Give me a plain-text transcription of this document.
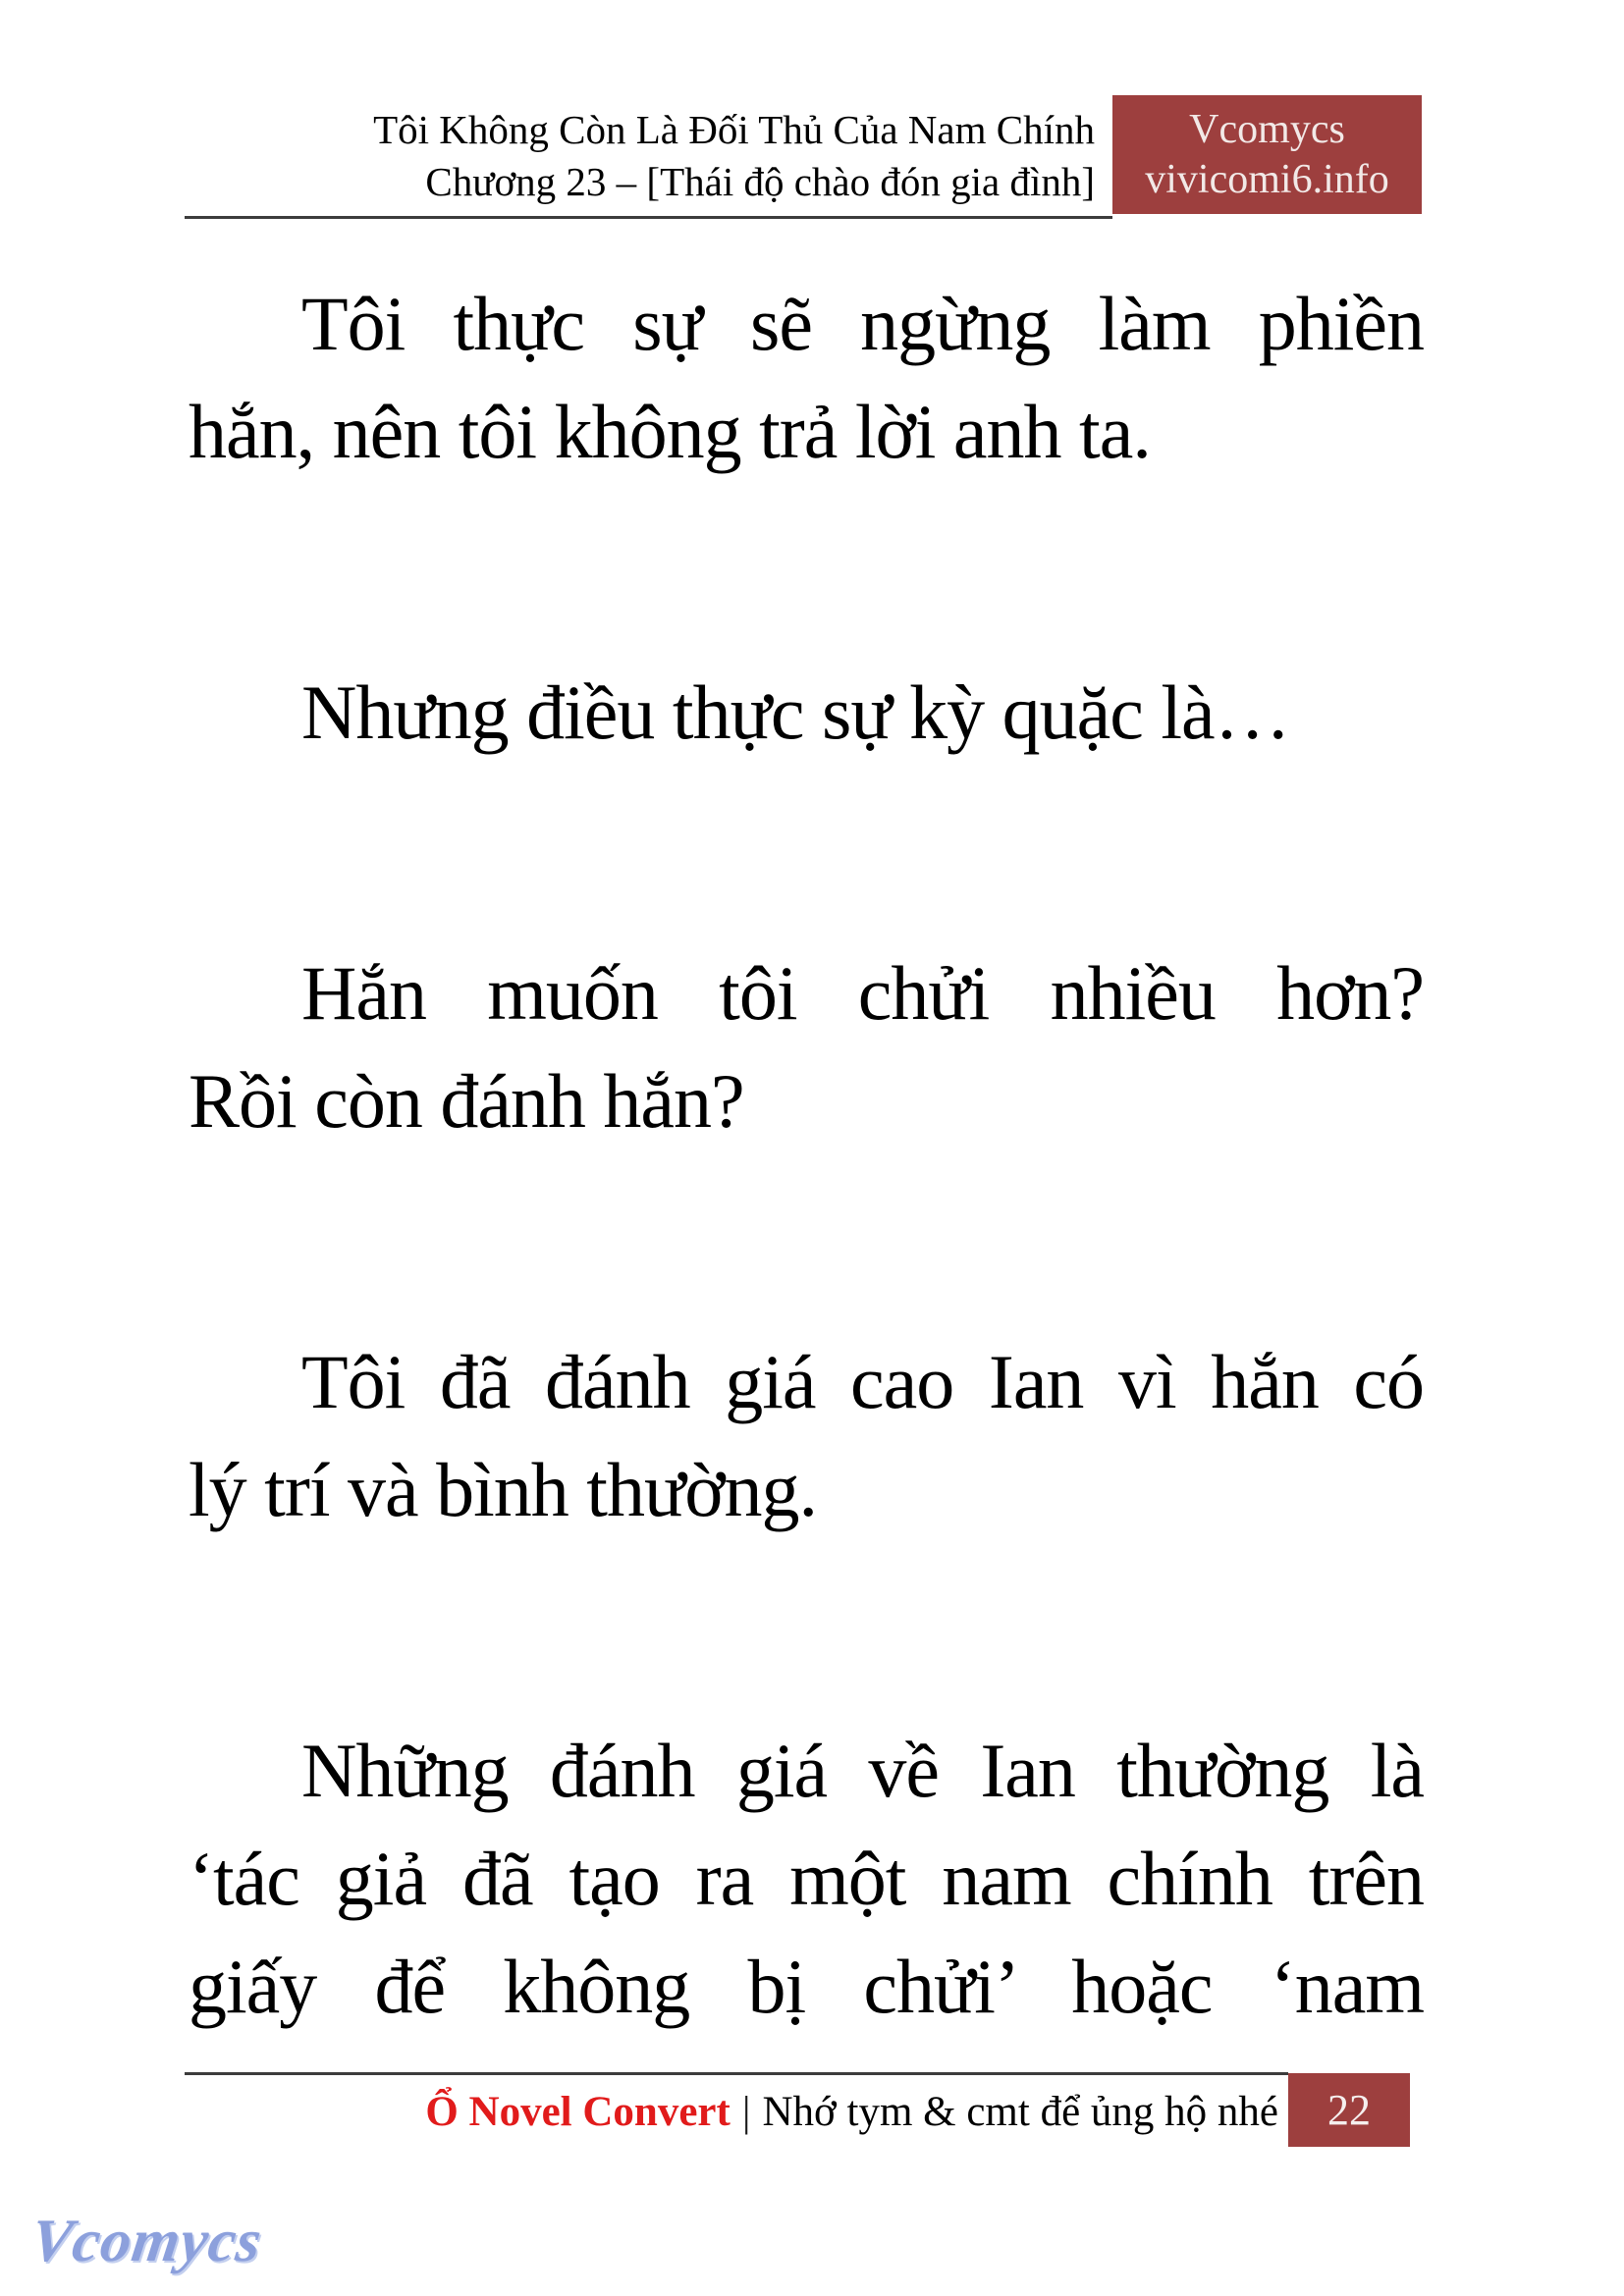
Tôi Không Còn Là Đối Thủ Của Nam Chính
Chương 23 – [Thái độ chào đón gia đình]
Vcomycs
vivicomi6.info
Tôi thực sự sẽ ngừng làm phiền
hắn, nên tôi không trả lời anh ta.
Nhưng điều thực sự kỳ quặc là…
Hắn muốn tôi chửi nhiều hơn?
Rồi còn đánh hắn?
Tôi đã đánh giá cao Ian vì hắn có
lý trí và bình thường.
Những đánh giá về Ian thường là
‘tác giả đã tạo ra một nam chính trên
giấy để không bị chửi’ hoặc ‘nam
Ổ Novel Convert | Nhớ tym & cmt để ủng hộ nhé 22
Vcomycs
